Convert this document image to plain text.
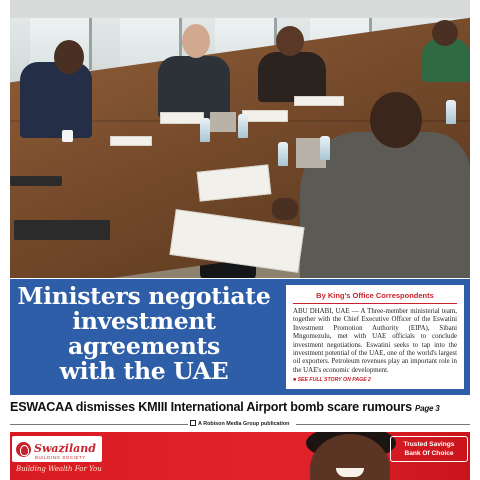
Ministers negotiate
investment
agreements
with the UAE
By King's Office Correspondents

ABU DHABI, UAE — A Three-member ministerial team, together with the Chief Executive Officer of the Eswatini Investment Promotion Authority (EIPA), Sibani Mngomezulu, met with UAE officials to conclude investment negotiations. Eswatini seeks to tap into the investment potential of the UAE, one of the world's largest oil exporters. Petroleum revenues play an important role in the UAE's economic development.

■ SEE FULL STORY ON PAGE 2
ESWACAA dismisses KMIII International Airport bomb scare rumours Page 3
A Robison Media Group publication
Swaziland
BUILDING SOCIETY
Building Wealth For You
Trusted Savings
Bank Of Choice
